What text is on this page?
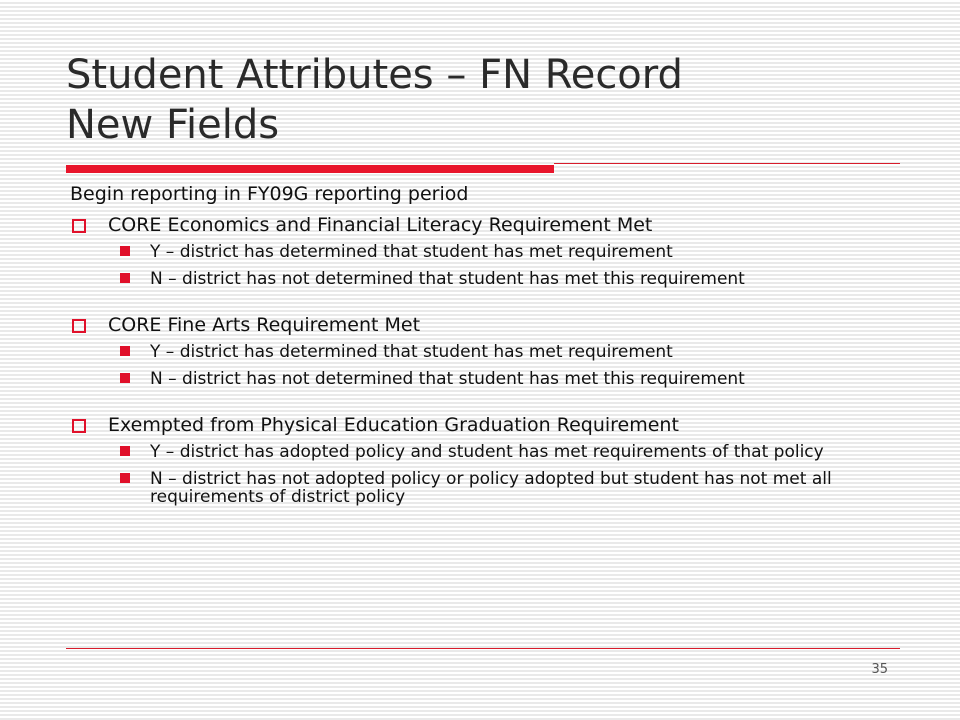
Student Attributes – FN Record
New Fields

Begin reporting in FY09G reporting period

CORE Economics and Financial Literacy Requirement Met
Y – district has determined that student has met requirement
N – district has not determined that student has met this requirement
CORE Fine Arts Requirement Met
Y – district has determined that student has met requirement
N – district has not determined that student has met this requirement
Exempted from Physical Education Graduation Requirement
Y – district has adopted policy and student has met requirements of that policy
N – district has not adopted policy or policy adopted but student has not met all requirements of district policy
35
